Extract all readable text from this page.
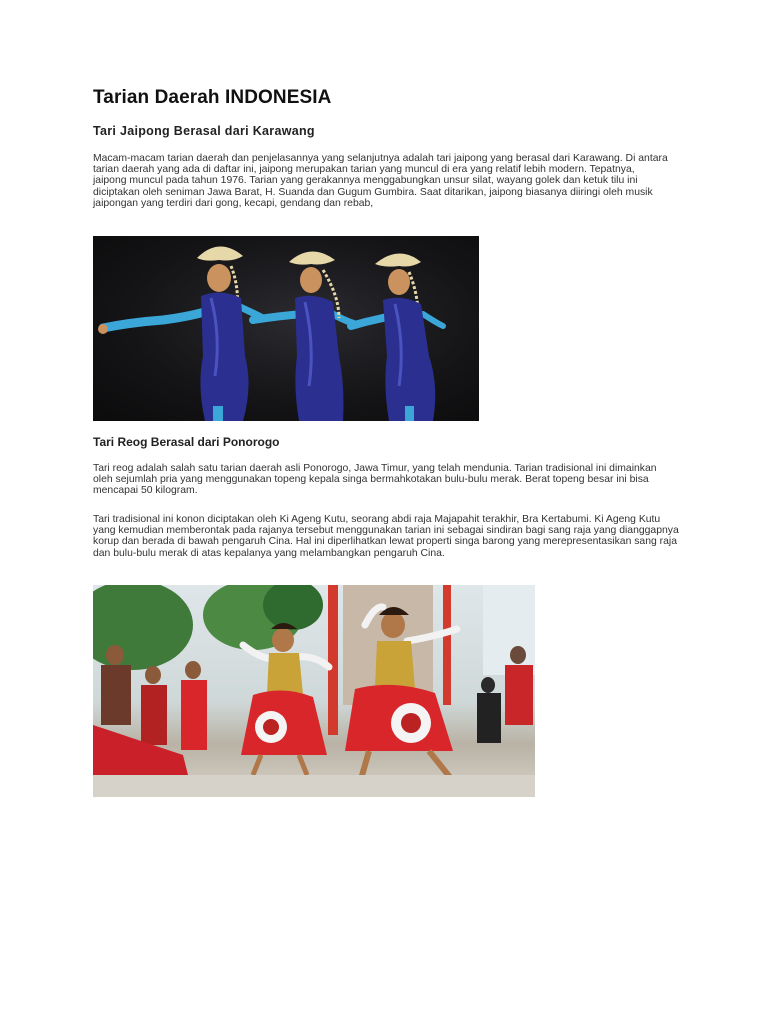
Tarian Daerah INDONESIA
Tari Jaipong Berasal dari Karawang

Macam-macam tarian daerah dan penjelasannya yang selanjutnya adalah tari jaipong yang berasal dari Karawang. Di antara tarian daerah yang ada di daftar ini, jaipong merupakan tarian yang muncul di era yang relatif lebih modern. Tepatnya, jaipong muncul pada tahun 1976. Tarian yang gerakannya menggabungkan unsur silat, wayang golek dan ketuk tilu ini diciptakan oleh seniman Jawa Barat, H. Suanda dan Gugum Gumbira. Saat ditarikan, jaipong biasanya diiringi oleh musik jaipongan yang terdiri dari gong, kecapi, gendang dan rebab,

Tari Reog Berasal dari Ponorogo

Tari reog adalah salah satu tarian daerah asli Ponorogo, Jawa Timur, yang telah mendunia. Tarian tradisional ini dimainkan oleh sejumlah pria yang menggunakan topeng kepala singa bermahkotakan bulu-bulu merak. Berat topeng besar ini bisa mencapai 50 kilogram.

Tari tradisional ini konon diciptakan oleh Ki Ageng Kutu, seorang abdi raja Majapahit terakhir, Bra Kertabumi. Ki Ageng Kutu yang kemudian memberontak pada rajanya tersebut menggunakan tarian ini sebagai sindiran bagi sang raja yang dianggapnya korup dan berada di bawah pengaruh Cina. Hal ini diperlihatkan lewat properti singa barong yang merepresentasikan sang raja dan bulu-bulu merak di atas kepalanya yang melambangkan pengaruh Cina.
